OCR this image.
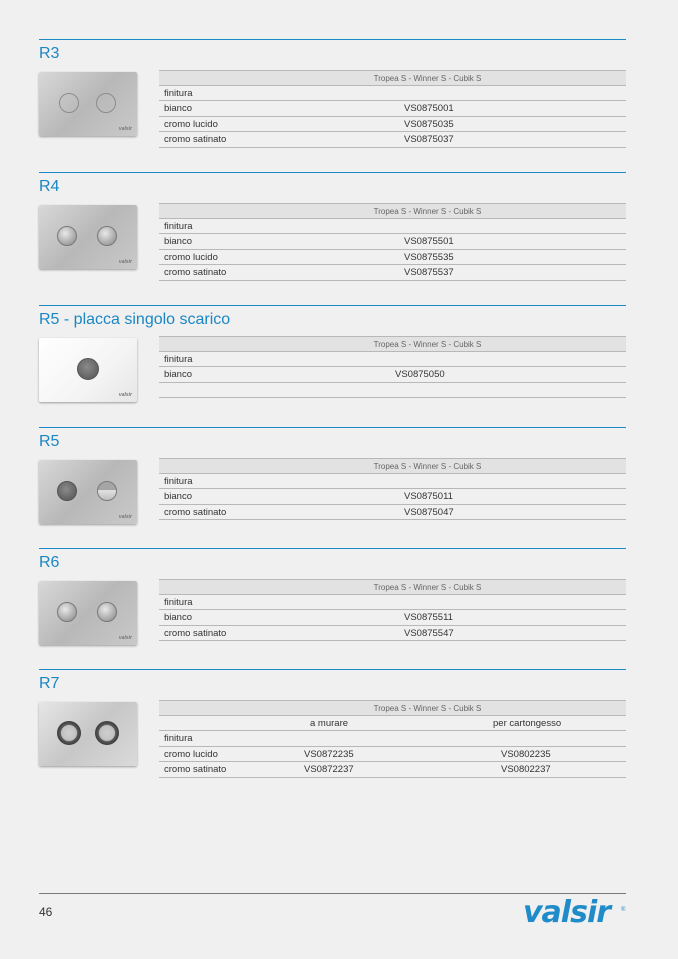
R3
valsir
Tropea S - Winner S - Cubik S
finitura
bianco	VS0875001
cromo lucido	VS0875035
cromo satinato	VS0875037
R4
valsir
Tropea S - Winner S - Cubik S
finitura
bianco	VS0875501
cromo lucido	VS0875535
cromo satinato	VS0875537
R5 - placca singolo scarico
valsir
Tropea S - Winner S - Cubik S
finitura
bianco	VS0875050
R5
valsir
Tropea S - Winner S - Cubik S
finitura
bianco	VS0875011
cromo satinato	VS0875047
R6
valsir
Tropea S - Winner S - Cubik S
finitura
bianco	VS0875511
cromo satinato	VS0875547
R7
Tropea S - Winner S - Cubik S
a murare	per cartongesso
finitura
cromo lucido	VS0872235	VS0802235
cromo satinato	VS0872237	VS0802237
46	valsir ®
